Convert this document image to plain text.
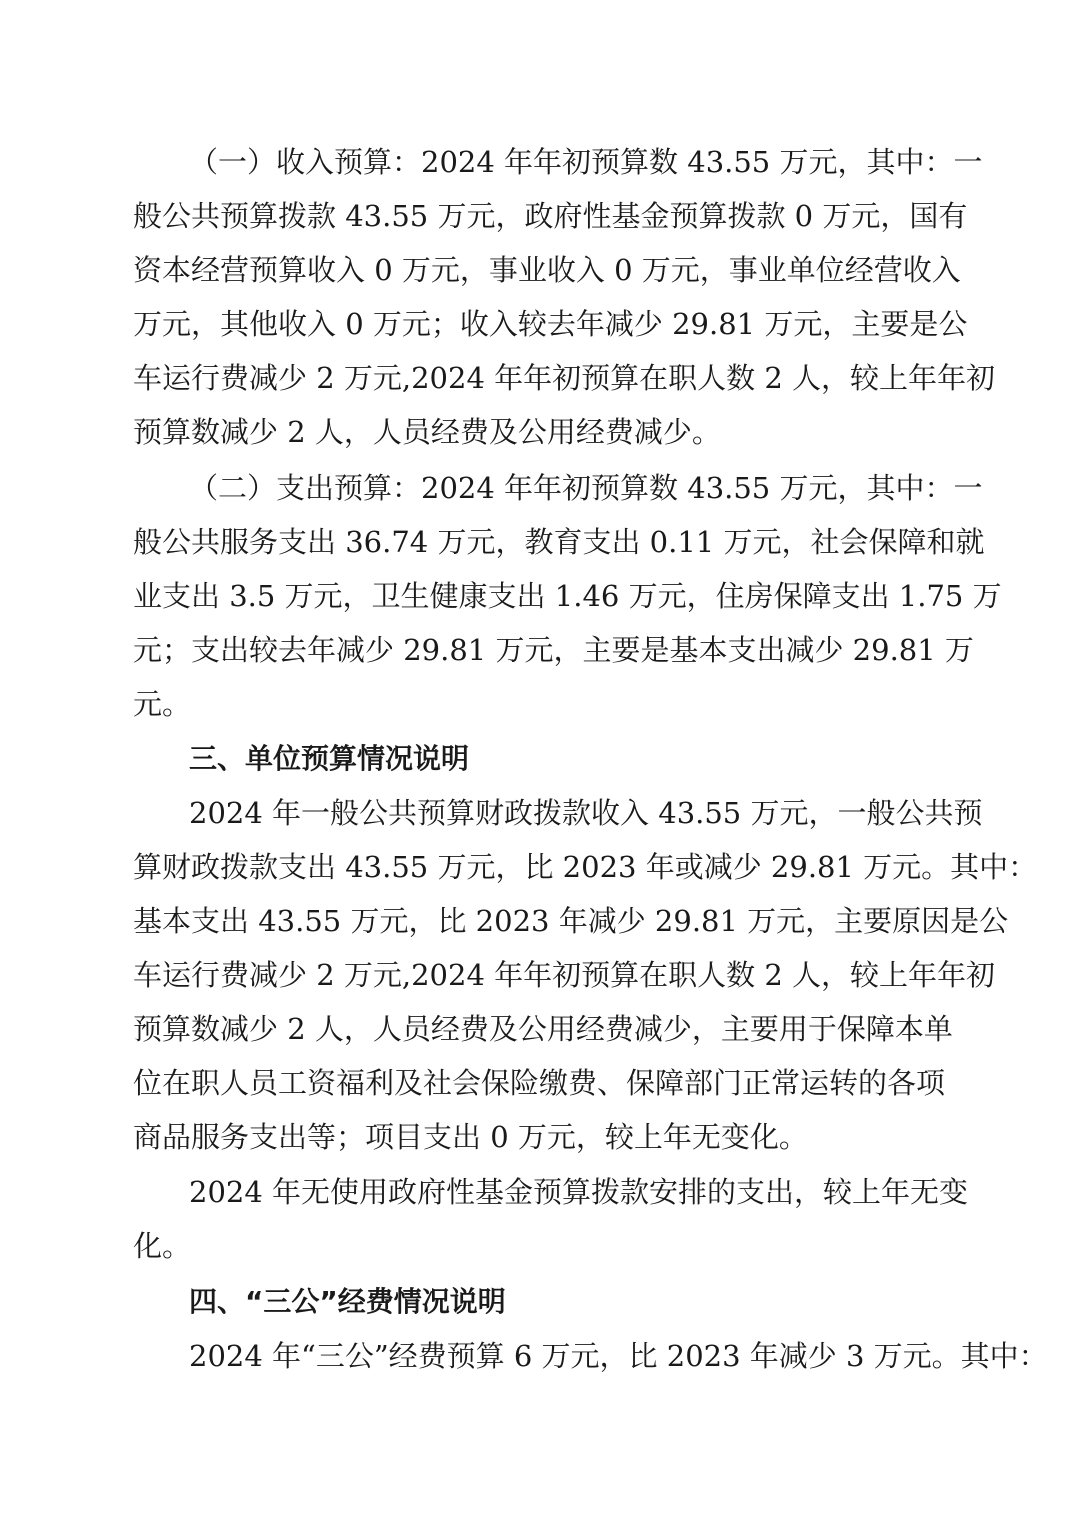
（一）收入预算：2024 年年初预算数 43.55 万元，其中：一
般公共预算拨款 43.55 万元，政府性基金预算拨款 0 万元，国有
资本经营预算收入 0 万元，事业收入 0 万元，事业单位经营收入
万元，其他收入 0 万元；收入较去年减少 29.81 万元，主要是公
车运行费减少 2 万元,2024 年年初预算在职人数 2 人，较上年年初
预算数减少 2 人，人员经费及公用经费减少。
（二）支出预算：2024 年年初预算数 43.55 万元，其中：一
般公共服务支出 36.74 万元，教育支出 0.11 万元，社会保障和就
业支出 3.5 万元，卫生健康支出 1.46 万元，住房保障支出 1.75 万
元；支出较去年减少 29.81 万元，主要是基本支出减少 29.81 万
元。
三、单位预算情况说明
2024 年一般公共预算财政拨款收入 43.55 万元，一般公共预
算财政拨款支出 43.55 万元，比 2023 年或减少 29.81 万元。其中：
基本支出 43.55 万元，比 2023 年减少 29.81 万元，主要原因是公
车运行费减少 2 万元,2024 年年初预算在职人数 2 人，较上年年初
预算数减少 2 人，人员经费及公用经费减少，主要用于保障本单
位在职人员工资福利及社会保险缴费、保障部门正常运转的各项
商品服务支出等；项目支出 0 万元，较上年无变化。
2024 年无使用政府性基金预算拨款安排的支出，较上年无变
化。
四、“三公”经费情况说明
2024 年“三公”经费预算 6 万元，比 2023 年减少 3 万元。其中：
